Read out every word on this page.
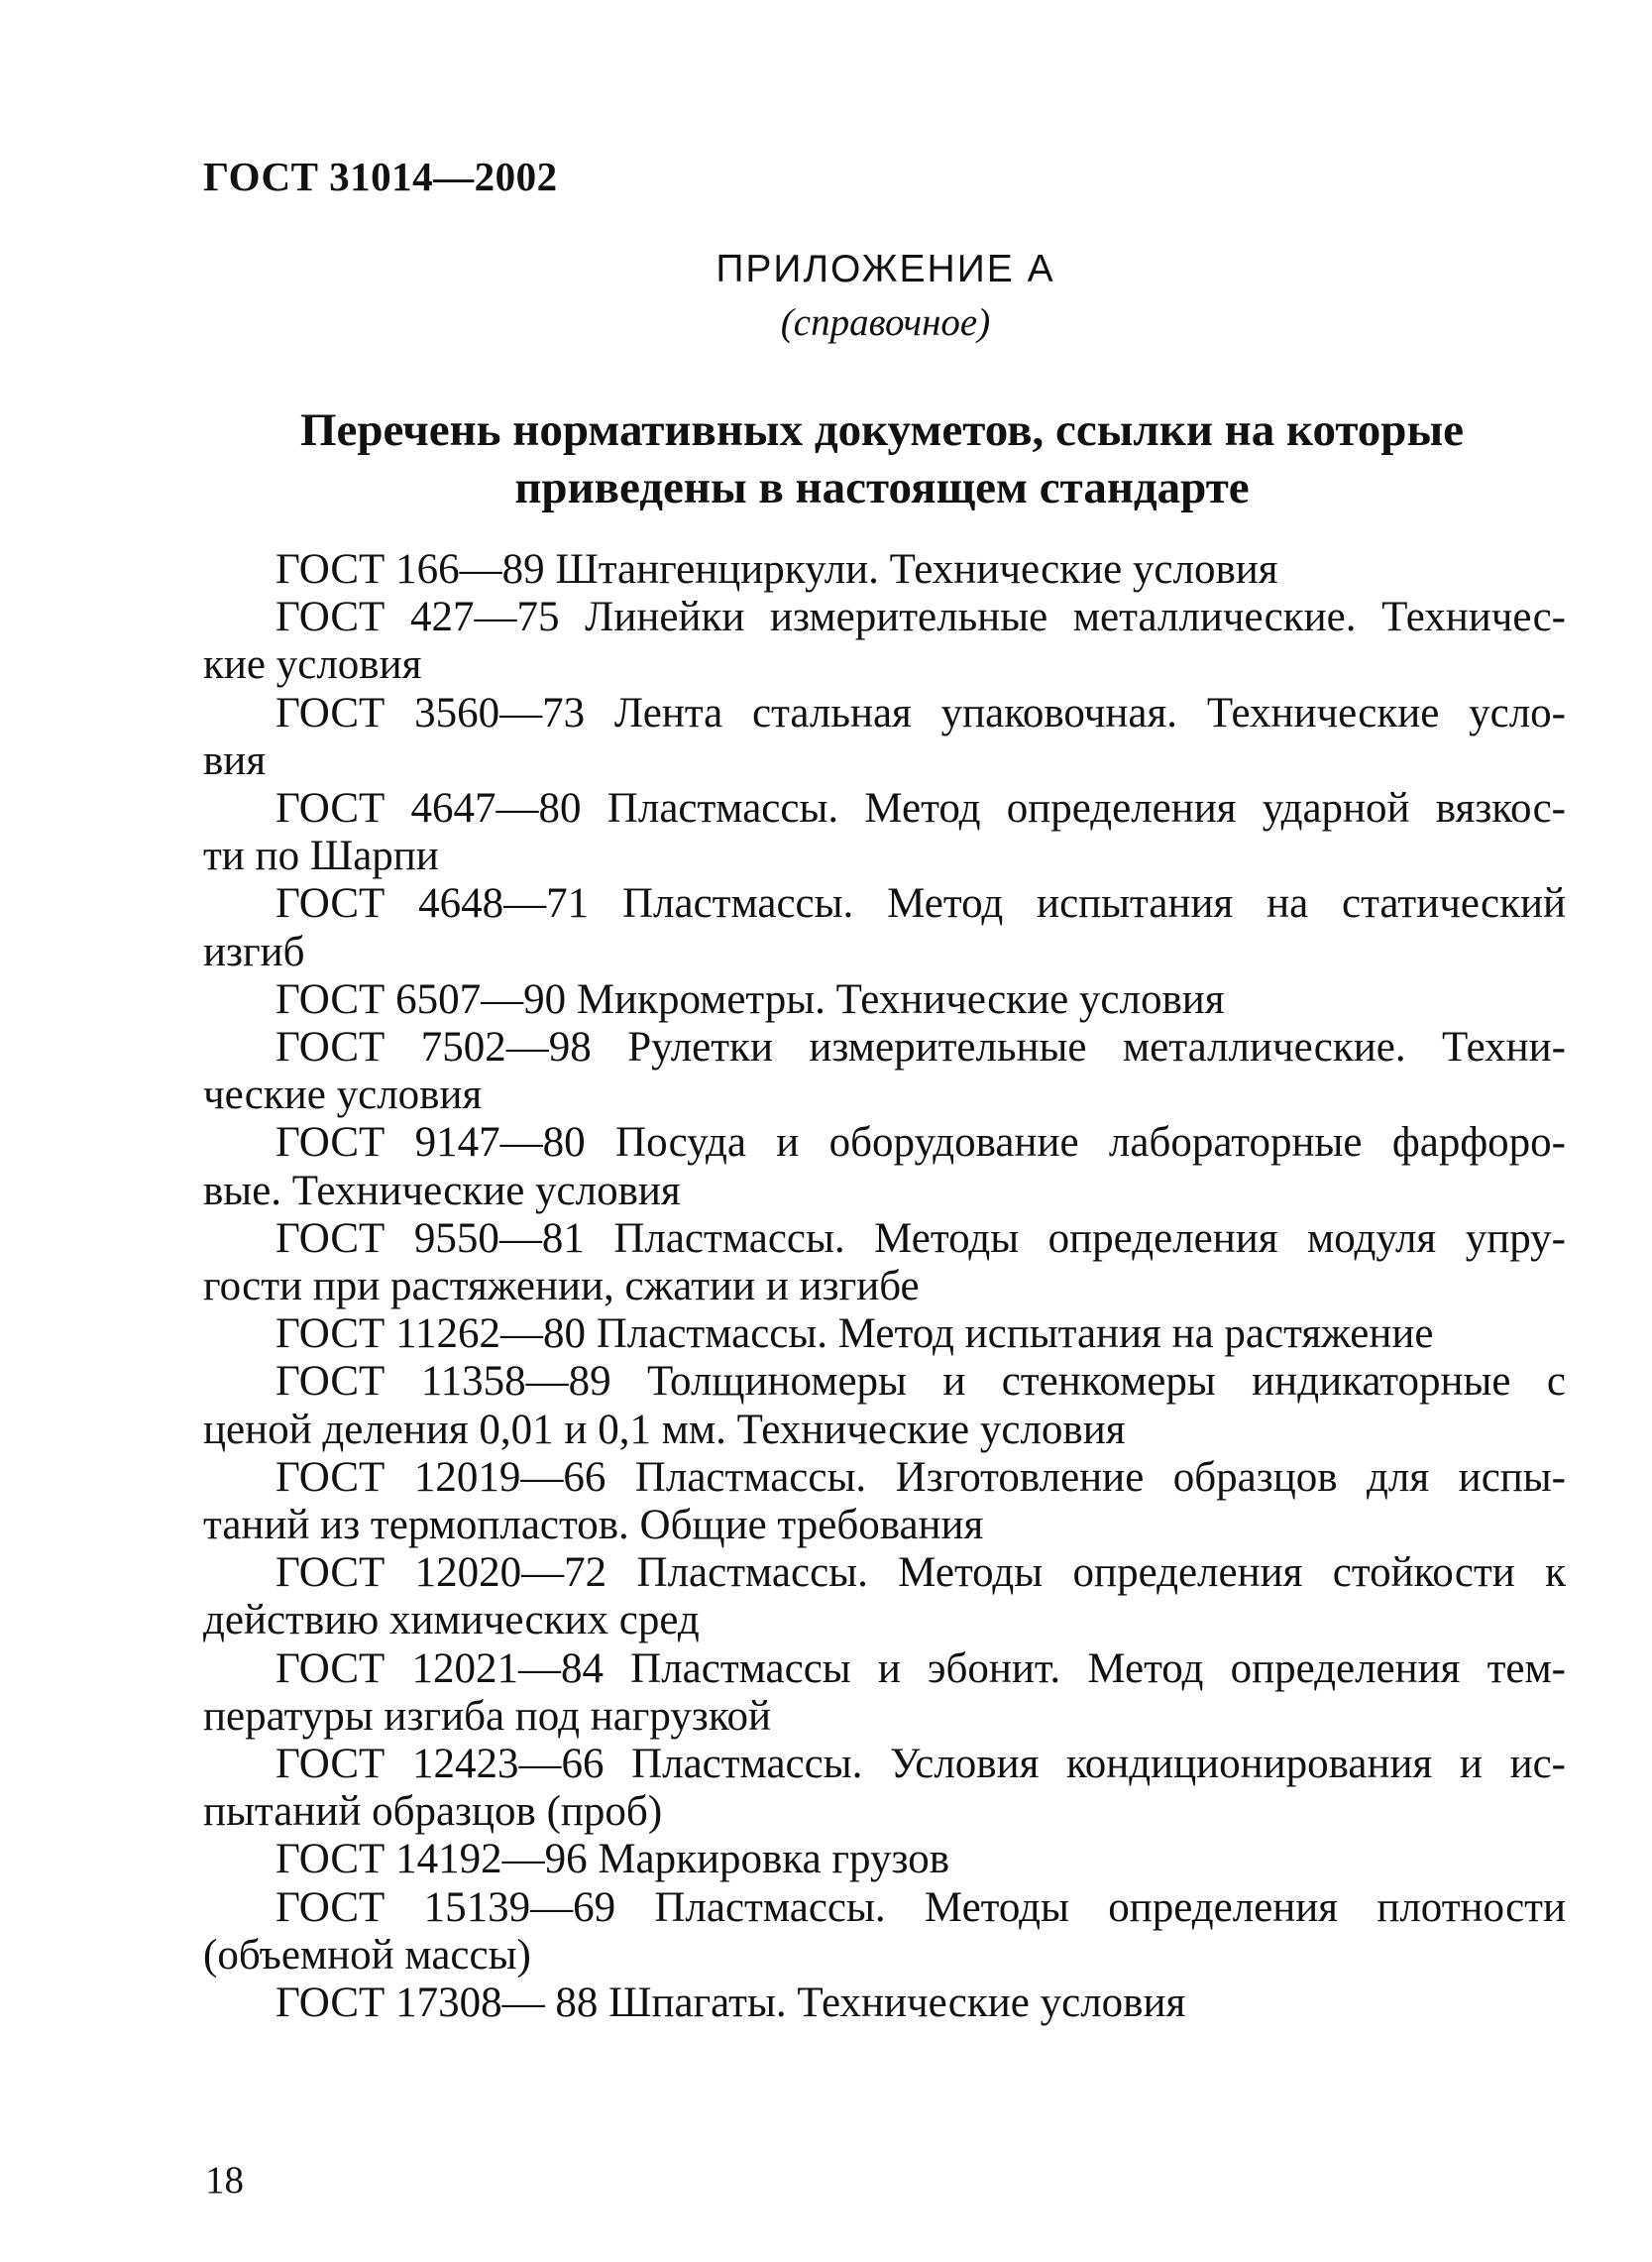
ГОСТ 31014—2002
ПРИЛОЖЕНИЕ А
(справочное)
Перечень нормативных докуметов, ссылки на которые
приведены в настоящем стандарте
ГОСТ 166—89 Штангенциркули. Технические условия
ГОСТ 427—75 Линейки измерительные металлические. Техничес-
кие условия
ГОСТ 3560—73 Лента стальная упаковочная. Технические усло-
вия
ГОСТ 4647—80 Пластмассы. Метод определения ударной вязкос-
ти по Шарпи
ГОСТ 4648—71 Пластмассы. Метод испытания на статический
изгиб
ГОСТ 6507—90 Микрометры. Технические условия
ГОСТ 7502—98 Рулетки измерительные металлические. Техни-
ческие условия
ГОСТ 9147—80 Посуда и оборудование лабораторные фарфоро-
вые. Технические условия
ГОСТ 9550—81 Пластмассы. Методы определения модуля упру-
гости при растяжении, сжатии и изгибе
ГОСТ 11262—80 Пластмассы. Метод испытания на растяжение
ГОСТ 11358—89 Толщиномеры и стенкомеры индикаторные с
ценой деления 0,01 и 0,1 мм. Технические условия
ГОСТ 12019—66 Пластмассы. Изготовление образцов для испы-
таний из термопластов. Общие требования
ГОСТ 12020—72 Пластмассы. Методы определения стойкости к
действию химических сред
ГОСТ 12021—84 Пластмассы и эбонит. Метод определения тем-
пературы изгиба под нагрузкой
ГОСТ 12423—66 Пластмассы. Условия кондиционирования и ис-
пытаний образцов (проб)
ГОСТ 14192—96 Маркировка грузов
ГОСТ 15139—69 Пластмассы. Методы определения плотности
(объемной массы)
ГОСТ 17308— 88 Шпагаты. Технические условия
18
